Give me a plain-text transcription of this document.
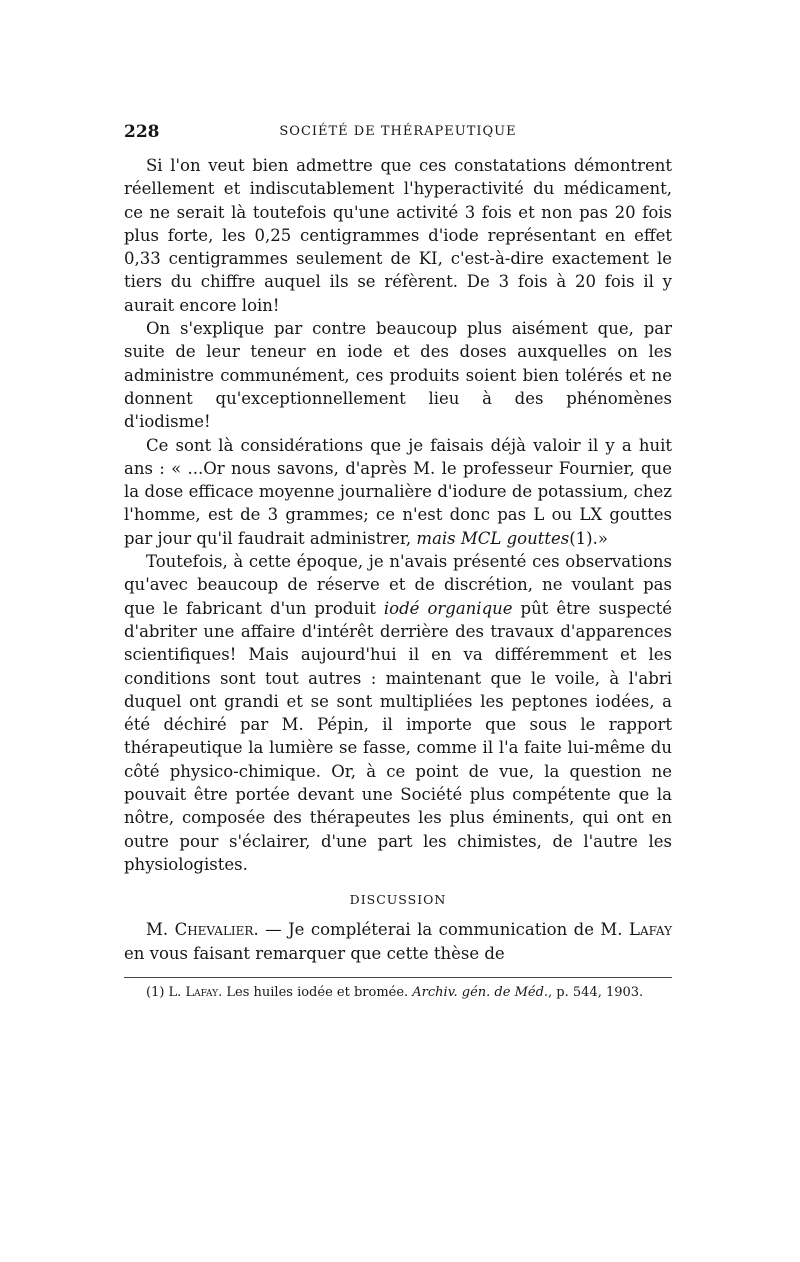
228	SOCIÉTÉ DE THÉRAPEUTIQUE

Si l'on veut bien admettre que ces constatations démontrent réellement et indiscutablement l'hyperactivité du médicament, ce ne serait là toutefois qu'une activité 3 fois et non pas 20 fois plus forte, les 0,25 centigrammes d'iode représentant en effet 0,33 centigrammes seulement de KI, c'est-à-dire exactement le tiers du chiffre auquel ils se réfèrent. De 3 fois à 20 fois il y aurait encore loin!

On s'explique par contre beaucoup plus aisément que, par suite de leur teneur en iode et des doses auxquelles on les administre communément, ces produits soient bien tolérés et ne donnent qu'exceptionnellement lieu à des phénomènes d'iodisme!

Ce sont là considérations que je faisais déjà valoir il y a huit ans : « ...Or nous savons, d'après M. le professeur Fournier, que la dose efficace moyenne journalière d'iodure de potassium, chez l'homme, est de 3 grammes; ce n'est donc pas L ou LX gouttes par jour qu'il faudrait administrer, mais MCL gouttes(1).»

Toutefois, à cette époque, je n'avais présenté ces observations qu'avec beaucoup de réserve et de discrétion, ne voulant pas que le fabricant d'un produit iodé organique pût être suspecté d'abriter une affaire d'intérêt derrière des travaux d'apparences scientifiques! Mais aujourd'hui il en va différemment et les conditions sont tout autres : maintenant que le voile, à l'abri duquel ont grandi et se sont multipliées les peptones iodées, a été déchiré par M. Pépin, il importe que sous le rapport thérapeutique la lumière se fasse, comme il l'a faite lui-même du côté physico-chimique. Or, à ce point de vue, la question ne pouvait être portée devant une Société plus compétente que la nôtre, composée des thérapeutes les plus éminents, qui ont en outre pour s'éclairer, d'une part les chimistes, de l'autre les physiologistes.

DISCUSSION

M. Chevalier. — Je compléterai la communication de M. Lafay en vous faisant remarquer que cette thèse de

(1) L. Lafay. Les huiles iodée et bromée. Archiv. gén. de Méd., p. 544, 1903.
